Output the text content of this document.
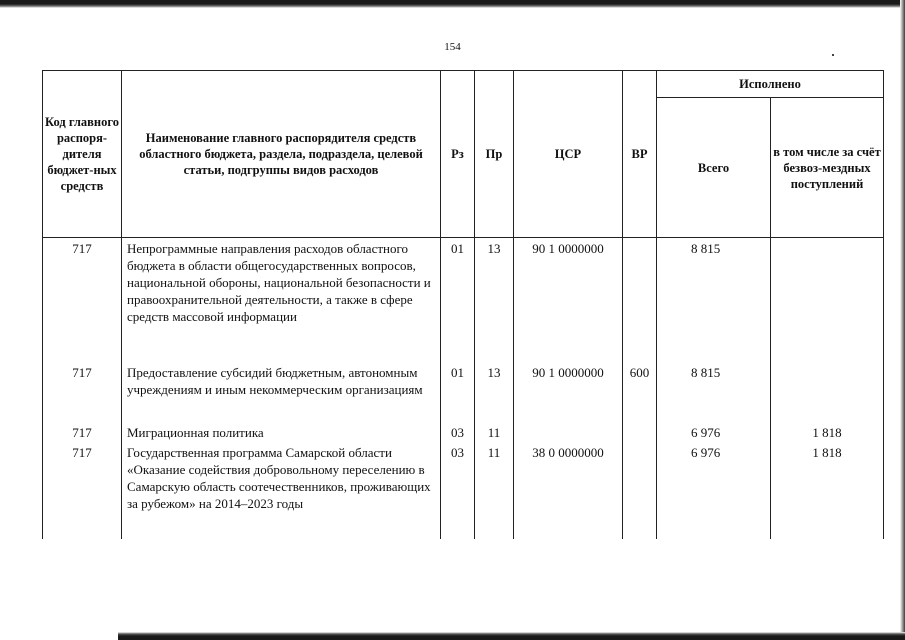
154
Код главного распоря-дителя бюджет-ных средств	Наименование главного распорядителя средств областного бюджета, раздела, подраздела, целевой статьи, подгруппы видов расходов	Рз	Пр	ЦСР	ВР	Исполнено	
						Всего	в том числе за счёт безвоз-мездных поступлений
717	Непрограммные направления расходов областного бюджета в области общегосударственных вопросов, национальной обороны, национальной безопасности и правоохранительной деятельности, а также в сфере средств массовой информации	01	13	90 1 0000000		8 815	
717	Предоставление субсидий бюджетным, автономным учреждениям и иным некоммерческим организациям	01	13	90 1 0000000	600	8 815	
717	Миграционная политика	03	11			6 976	1 818
717	Государственная программа Самарской области «Оказание содействия добровольному переселению в Самарскую область соотечественников, проживающих за рубежом» на 2014–2023 годы	03	11	38 0 0000000		6 976	1 818
